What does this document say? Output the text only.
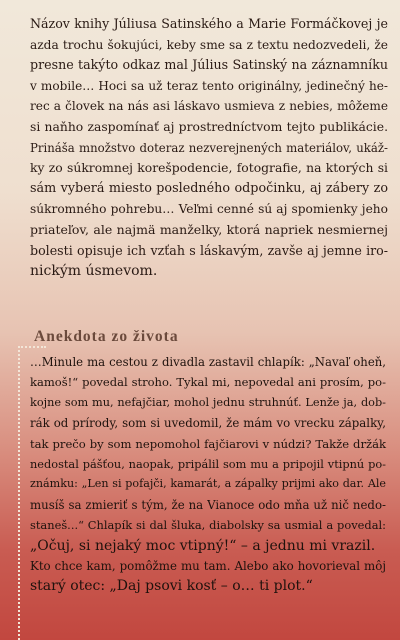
Názov knihy Júliusa Satinského a Marie Formáčkovej je
azda trochu šokujúci, keby sme sa z textu nedozvedeli, že
presne takýto odkaz mal Július Satinský na záznamníku
v mobile… Hoci sa už teraz tento originálny, jedinečný he-
rec a človek na nás asi láskavo usmieva z nebies, môžeme
si naňho zaspomínať aj prostredníctvom tejto publikácie.
Prináša množstvo doteraz nezverejnených materiálov, ukáž-
ky zo súkromnej korešpodencie, fotografie, na ktorých si
sám vyberá miesto posledného odpočinku, aj zábery zo
súkromného pohrebu… Veľmi cenné sú aj spomienky jeho
priateľov, ale najmä manželky, ktorá napriek nesmiernej
bolesti opisuje ich vzťah s láskavým, zavše aj jemne iro-
nickým úsmevom.
Anekdota zo života
…Minule ma cestou z divadla zastavil chlapík: „Navaľ oheň,
kamoš!“ povedal stroho. Tykal mi, nepovedal ani prosím, po-
kojne som mu, nefajčiar, mohol jednu struhnúť. Lenže ja, dob-
rák od prírody, som si uvedomil, že mám vo vrecku zápalky,
tak prečo by som nepomohol fajčiarovi v núdzi? Takže držák
nedostal pášťou, naopak, pripálil som mu a pripojil vtipnú po-
známku: „Len si pofajči, kamarát, a zápalky prijmi ako dar. Ale
musíš sa zmieriť s tým, že na Vianoce odo mňa už nič nedo-
staneš...“ Chlapík si dal šluka, diabolsky sa usmial a povedal:
„Očuj, si nejaký moc vtipný!“ – a jednu mi vrazil.
Kto chce kam, pomôžme mu tam. Alebo ako hovorieval môj
starý otec: „Daj psovi kosť – o… ti plot.“
